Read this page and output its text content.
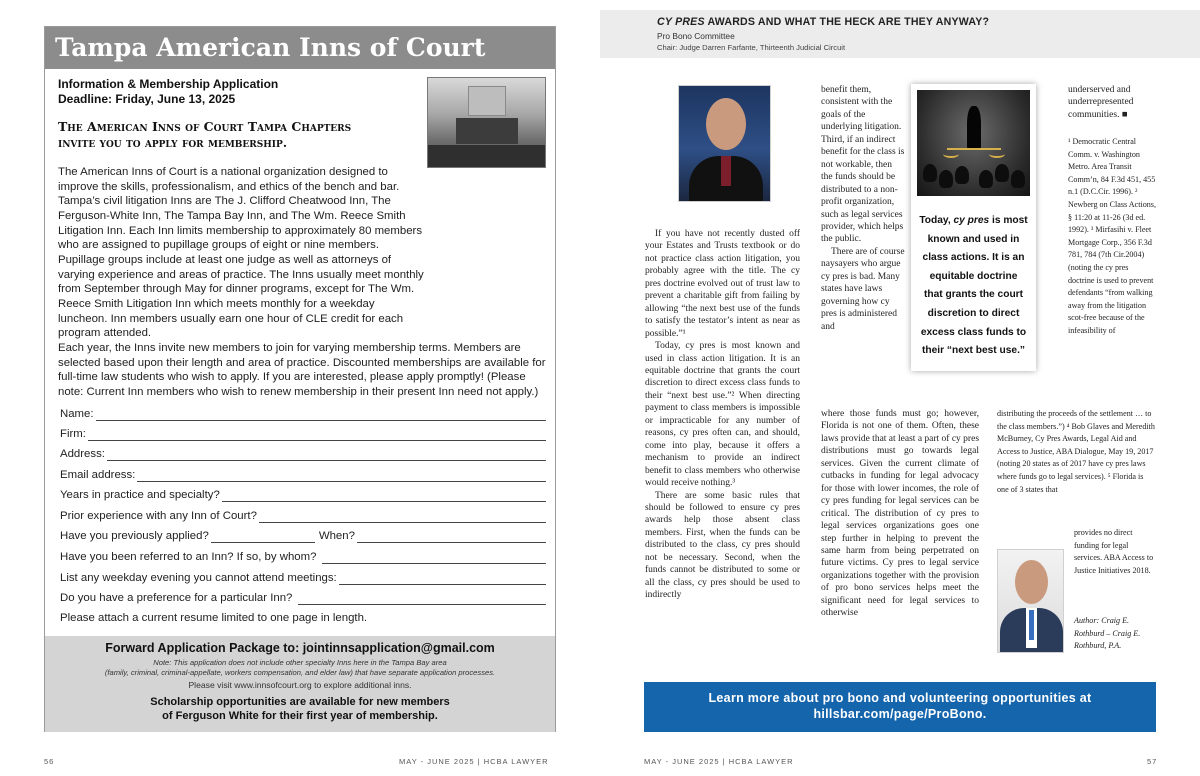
Tampa American Inns of Court
Information & Membership Application
Deadline: Friday, June 13, 2025
The American Inns of Court Tampa Chapters
invite you to apply for membership.

The American Inns of Court is a national organization designed to improve the skills, professionalism, and ethics of the bench and bar. Tampa’s civil litigation Inns are The J. Clifford Cheatwood Inn, The Ferguson-White Inn, The Tampa Bay Inn, and The Wm. Reece Smith Litigation Inn. Each Inn limits membership to approximately 80 members who are assigned to pupillage groups of eight or nine members. Pupillage groups include at least one judge as well as attorneys of varying experience and areas of practice. The Inns usually meet monthly from September through May for dinner programs, except for The Wm. Reece Smith Litigation Inn which meets monthly for a weekday luncheon. Inn members usually earn one hour of CLE credit for each program attended.

Each year, the Inns invite new members to join for varying membership terms. Members are selected based upon their length and area of practice. Discounted memberships are available for full-time law students who wish to apply. If you are interested, please apply promptly! (Please note: Current Inn members who wish to renew membership in their present Inn need not apply.)

Name:
Firm:
Address:
Email address:
Years in practice and specialty?
Prior experience with any Inn of Court?
Have you previously applied?	When?
Have you been referred to an Inn? If so, by whom?
List any weekday evening you cannot attend meetings:
Do you have a preference for a particular Inn?
Please attach a current resume limited to one page in length.
Forward Application Package to: jointinnsapplication@gmail.com
Note: This application does not include other specialty Inns here in the Tampa Bay area
(family, criminal, criminal-appellate, workers compensation, and elder law) that have separate application processes.
Please visit www.innsofcourt.org to explore additional inns.
Scholarship opportunities are available for new members
of Ferguson White for their first year of membership.
56	MAY - JUNE 2025 | HCBA LAWYER
CY PRES AWARDS AND WHAT THE HECK ARE THEY ANYWAY?
Pro Bono Committee
Chair: Judge Darren Farfante, Thirteenth Judicial Circuit
MAY - JUNE 2025 | HCBA LAWYER	57

If you have not recently dusted off your Estates and Trusts textbook or do not practice class action litigation, you probably agree with the title. The cy pres doctrine evolved out of trust law to prevent a charitable gift from failing by allowing “the next best use of the funds to satisfy the testator’s intent as near as possible.”¹

Today, cy pres is most known and used in class action litigation. It is an equitable doctrine that grants the court discretion to direct excess class funds to their “next best use.”² When directing payment to class members is impossible or impracticable for any number of reasons, cy pres often can, and should, come into play, because it offers a mechanism to provide an indirect benefit to class members who otherwise would receive nothing.³

There are some basic rules that should be followed to ensure cy pres awards help those absent class members. First, when the funds can be distributed to the class, cy pres should not be necessary. Second, when the funds cannot be distributed to some or all the class, cy pres should be used to indirectly

benefit them, consistent with the goals of the underlying litigation. Third, if an indirect benefit for the class is not workable, then the funds should be distributed to a non-profit organization, such as legal services provider, which helps the public.

There are of course naysayers who argue cy pres is bad. Many states have laws governing how cy pres is administered and

where those funds must go; however, Florida is not one of them. Often, these laws provide that at least a part of cy pres distributions must go towards legal services. Given the current climate of cutbacks in funding for legal advocacy for those with lower incomes, the role of cy pres funding for legal services can be critical. The distribution of cy pres to legal services organizations goes one step further in helping to prevent the same harm from being perpetrated on future victims. Cy pres to legal service organizations together with the provision of pro bono services helps meet the significant need for legal services to otherwise

Today, cy pres is most known and used in class actions. It is an equitable doctrine that grants the court discretion to direct excess class funds to their “next best use.”

underserved and underrepresented communities. ■

¹ Democratic Central Comm. v. Washington Metro. Area Transit Comm’n, 84 F.3d 451, 455 n.1 (D.C.Cir. 1996). ² Newberg on Class Actions, § 11:20 at 11-26 (3d ed. 1992). ³ Mirfasihi v. Fleet Mortgage Corp., 356 F.3d 781, 784 (7th Cir.2004) (noting the cy pres doctrine is used to prevent defendants “from walking away from the litigation scot-free because of the infeasibility of

distributing the proceeds of the settlement … to the class members.”) ⁴ Bob Glaves and Meredith McBurney, Cy Pres Awards, Legal Aid and Access to Justice, ABA Dialogue, May 19, 2017 (noting 20 states as of 2017 have cy pres laws where funds go to legal services). ⁵ Florida is one of 3 states that

provides no direct funding for legal services. ABA Access to Justice Initiatives 2018.

Author: Craig E. Rothburd – Craig E. Rothburd, P.A.

Learn more about pro bono and volunteering opportunities at
hillsbar.com/page/ProBono.
